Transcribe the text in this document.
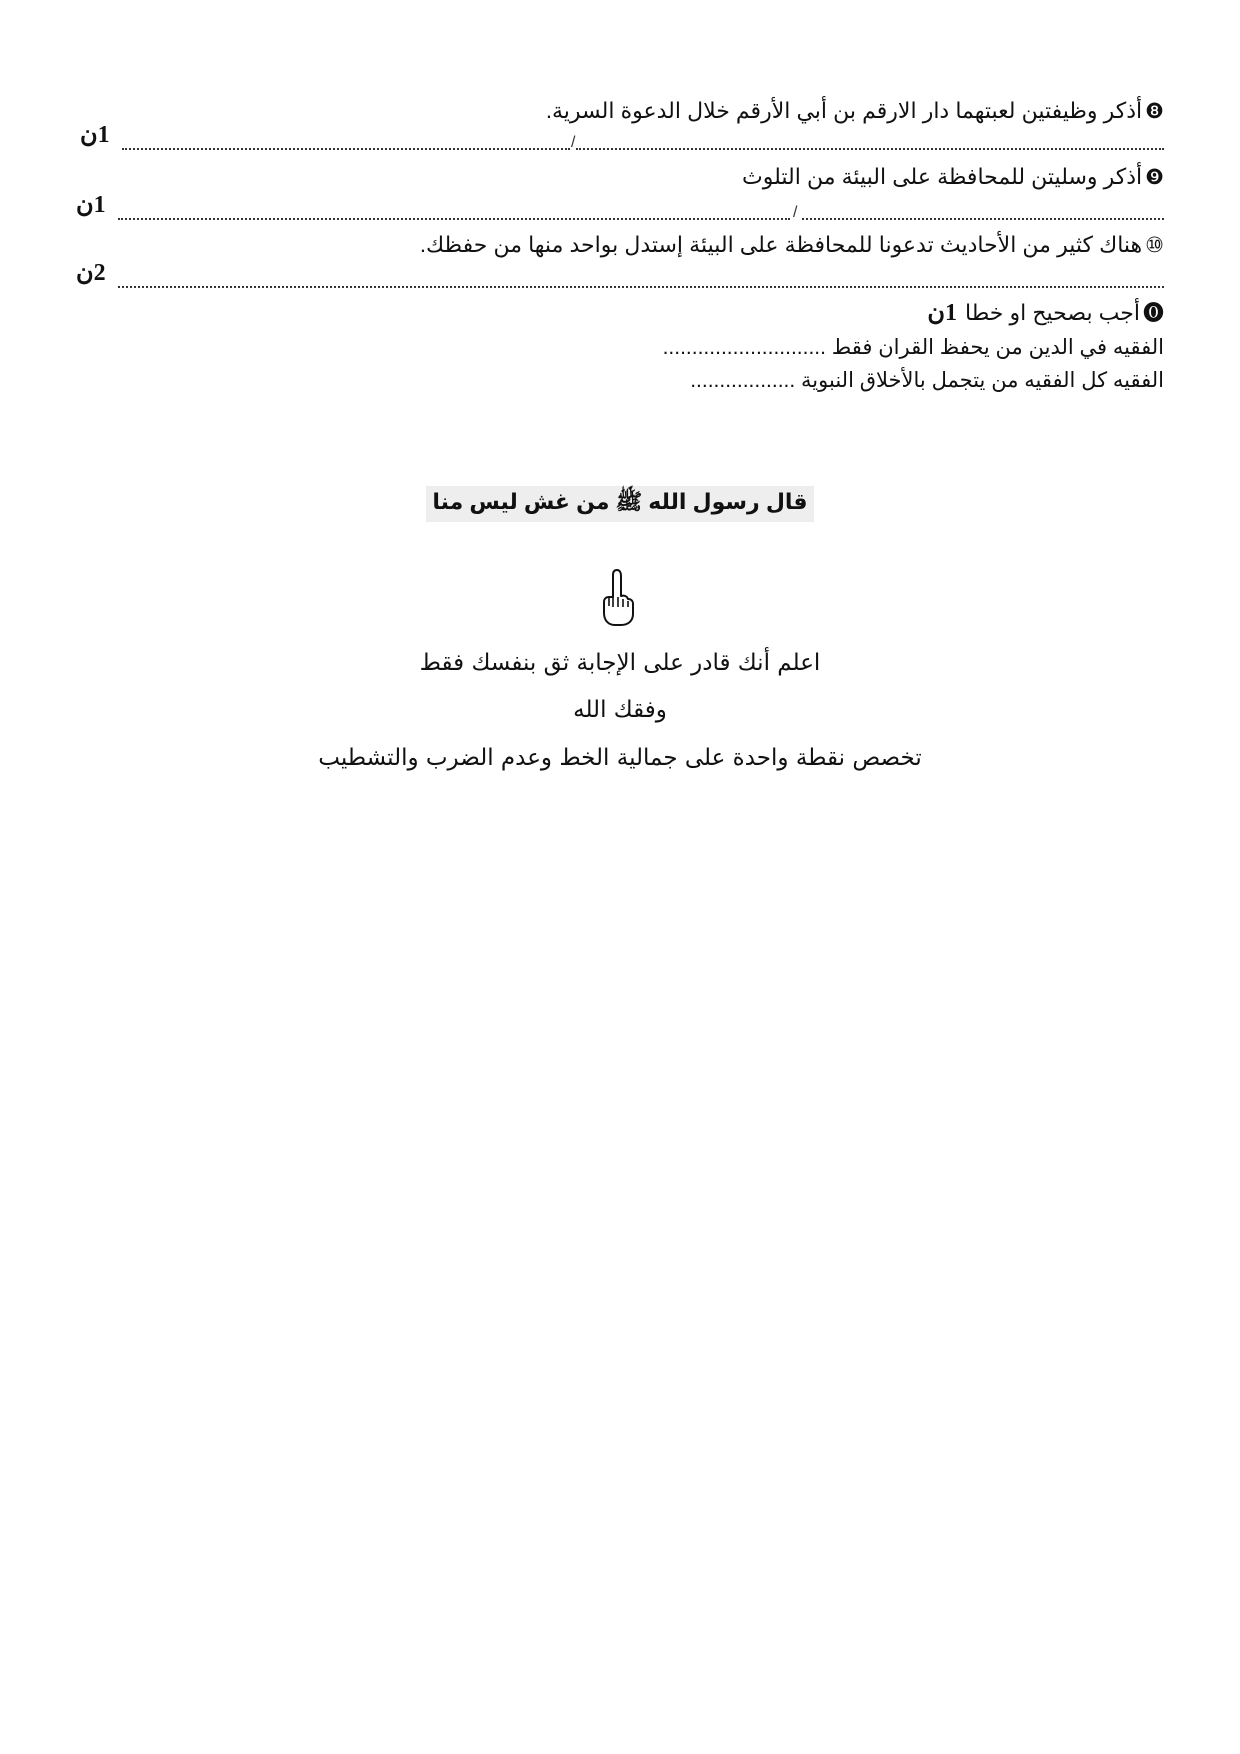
❽أذكر وظيفتين لعبتهما دار الارقم بن أبي الأرقم خلال الدعوة السرية.
1ن	/
❾أذكر وسليتن للمحافظة على البيئة من التلوث
1ن	/
⑩هناك كثير من الأحاديث تدعونا للمحافظة على البيئة إستدل بواحد منها من حفظك.
2ن
⓿أجب بصحيح او خطا1ن
الفقيه في الدين من يحفظ القران فقط ............................
الفقيه كل الفقيه من يتجمل بالأخلاق النبوية ..................
قال رسول الله ﷺ من غش ليس منا
اعلم أنك قادر على الإجابة ثق بنفسك فقط
وفقك الله
تخصص نقطة واحدة على جمالية الخط وعدم الضرب والتشطيب
